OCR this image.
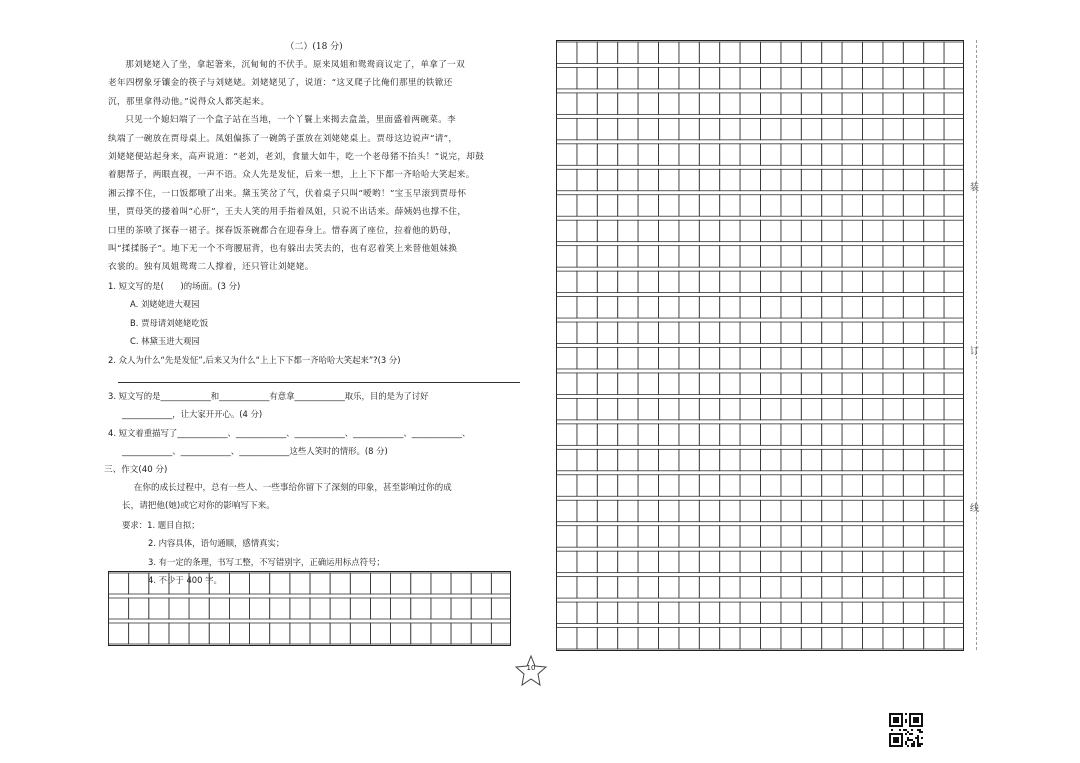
（二）(18 分)
那刘姥姥入了坐，拿起箸来，沉甸甸的不伏手。原来凤姐和鸳鸯商议定了，单拿了一双
老年四楞象牙镶金的筷子与刘姥姥。刘姥姥见了，说道：“这叉爬子比俺们那里的铁锨还
沉，那里拿得动他。”说得众人都笑起来。
只见一个媳妇端了一个盒子站在当地，一个丫鬟上来揭去盒盖，里面盛着两碗菜。李
纨端了一碗放在贾母桌上。凤姐偏拣了一碗鸽子蛋放在刘姥姥桌上。贾母这边说声“请”，
刘姥姥便站起身来，高声说道：“老刘，老刘，食量大如牛，吃一个老母猪不抬头！”说完，却鼓
着腮帮子，两眼直视，一声不语。众人先是发怔，后来一想，上上下下都一齐哈哈大笑起来。
湘云撑不住，一口饭都喷了出来。黛玉笑岔了气，伏着桌子只叫“嗳哟！”宝玉早滚到贾母怀
里，贾母笑的搂着叫“心肝”，王夫人笑的用手指着凤姐，只说不出话来。薛姨妈也撑不住，
口里的茶喷了探春一裙子。探春饭茶碗都合在迎春身上。惜春离了座位，拉着他的奶母，
叫“揉揉肠子”。地下无一个不弯腰屈背，也有躲出去笑去的，也有忍着笑上来替他姐妹换
衣裳的。独有凤姐鸳鸯二人撑着，还只管让刘姥姥。
1. 短文写的是(　　)的场面。(3 分)
A. 刘姥姥进大观园
B. 贾母请刘姥姥吃饭
C. 林黛玉进大观园
2. 众人为什么“先是发怔”,后来又为什么“上上下下都一齐哈哈大笑起来”?(3 分)
3. 短文写的是____________和____________有意拿____________取乐，目的是为了讨好
____________，让大家开开心。(4 分)
4. 短文着重描写了____________、____________、____________、____________、____________、
____________、____________、____________这些人笑时的情形。(8 分)
三、作文(40 分)
在你的成长过程中，总有一些人、一些事给你留下了深刻的印象，甚至影响过你的成
长，请把他(她)或它对你的影响写下来。
要求：1. 题目自拟；
2. 内容具体，语句通顺，感情真实；
3. 有一定的条理，书写工整，不写错别字，正确运用标点符号；
4. 不少于 400 字。
装
订
线
10
